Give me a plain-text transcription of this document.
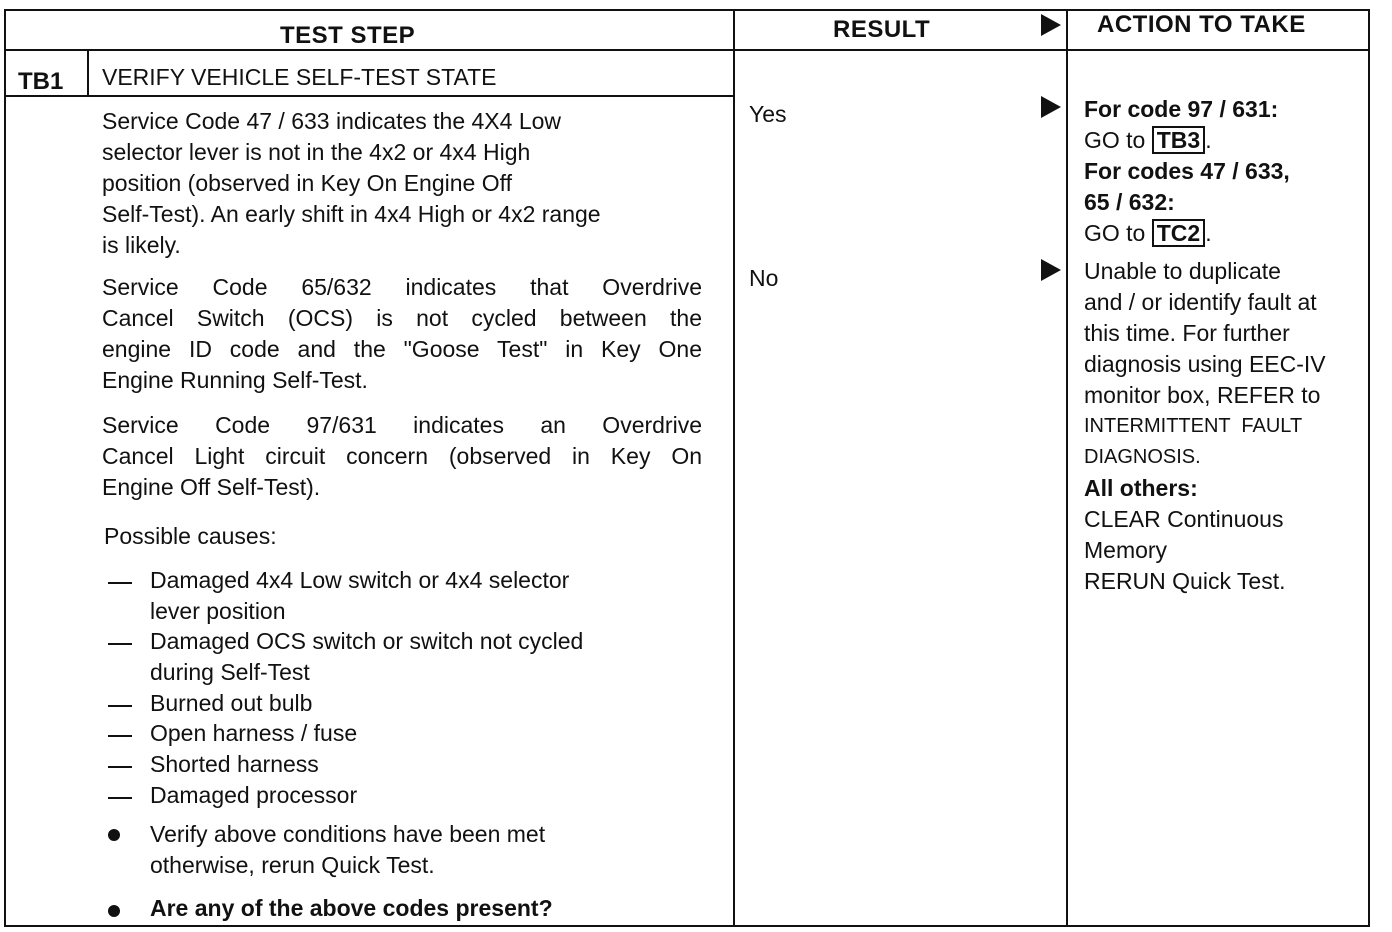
TEST STEP	RESULT	ACTION TO TAKE
TB1 VERIFY VEHICLE SELF-TEST STATE
Service Code 47 / 633 indicates the 4X4 Low
selector lever is not in the 4x2 or 4x4 High
position (observed in Key On Engine Off
Self-Test). An early shift in 4x4 High or 4x2 range
is likely.
Service Code 65/632 indicates that Overdrive
Cancel Switch (OCS) is not cycled between the
engine ID code and the "Goose Test" in Key One
Engine Running Self-Test.
Service Code 97/631 indicates an Overdrive
Cancel Light circuit concern (observed in Key On
Engine Off Self-Test).
Possible causes:
Damaged 4x4 Low switch or 4x4 selector
lever position
Damaged OCS switch or switch not cycled
during Self-Test
Burned out bulb
Open harness / fuse
Shorted harness
Damaged processor
Verify above conditions have been met
otherwise, rerun Quick Test.
Are any of the above codes present?
Yes
No
For code 97 / 631:
GO to TB3 .
For codes 47 / 633,
65 / 632:
GO to TC2 .
Unable to duplicate
and / or identify fault at
this time. For further
diagnosis using EEC-IV
monitor box, REFER to
INTERMITTENT  FAULT
DIAGNOSIS.
All others:
CLEAR Continuous
Memory
RERUN Quick Test.
